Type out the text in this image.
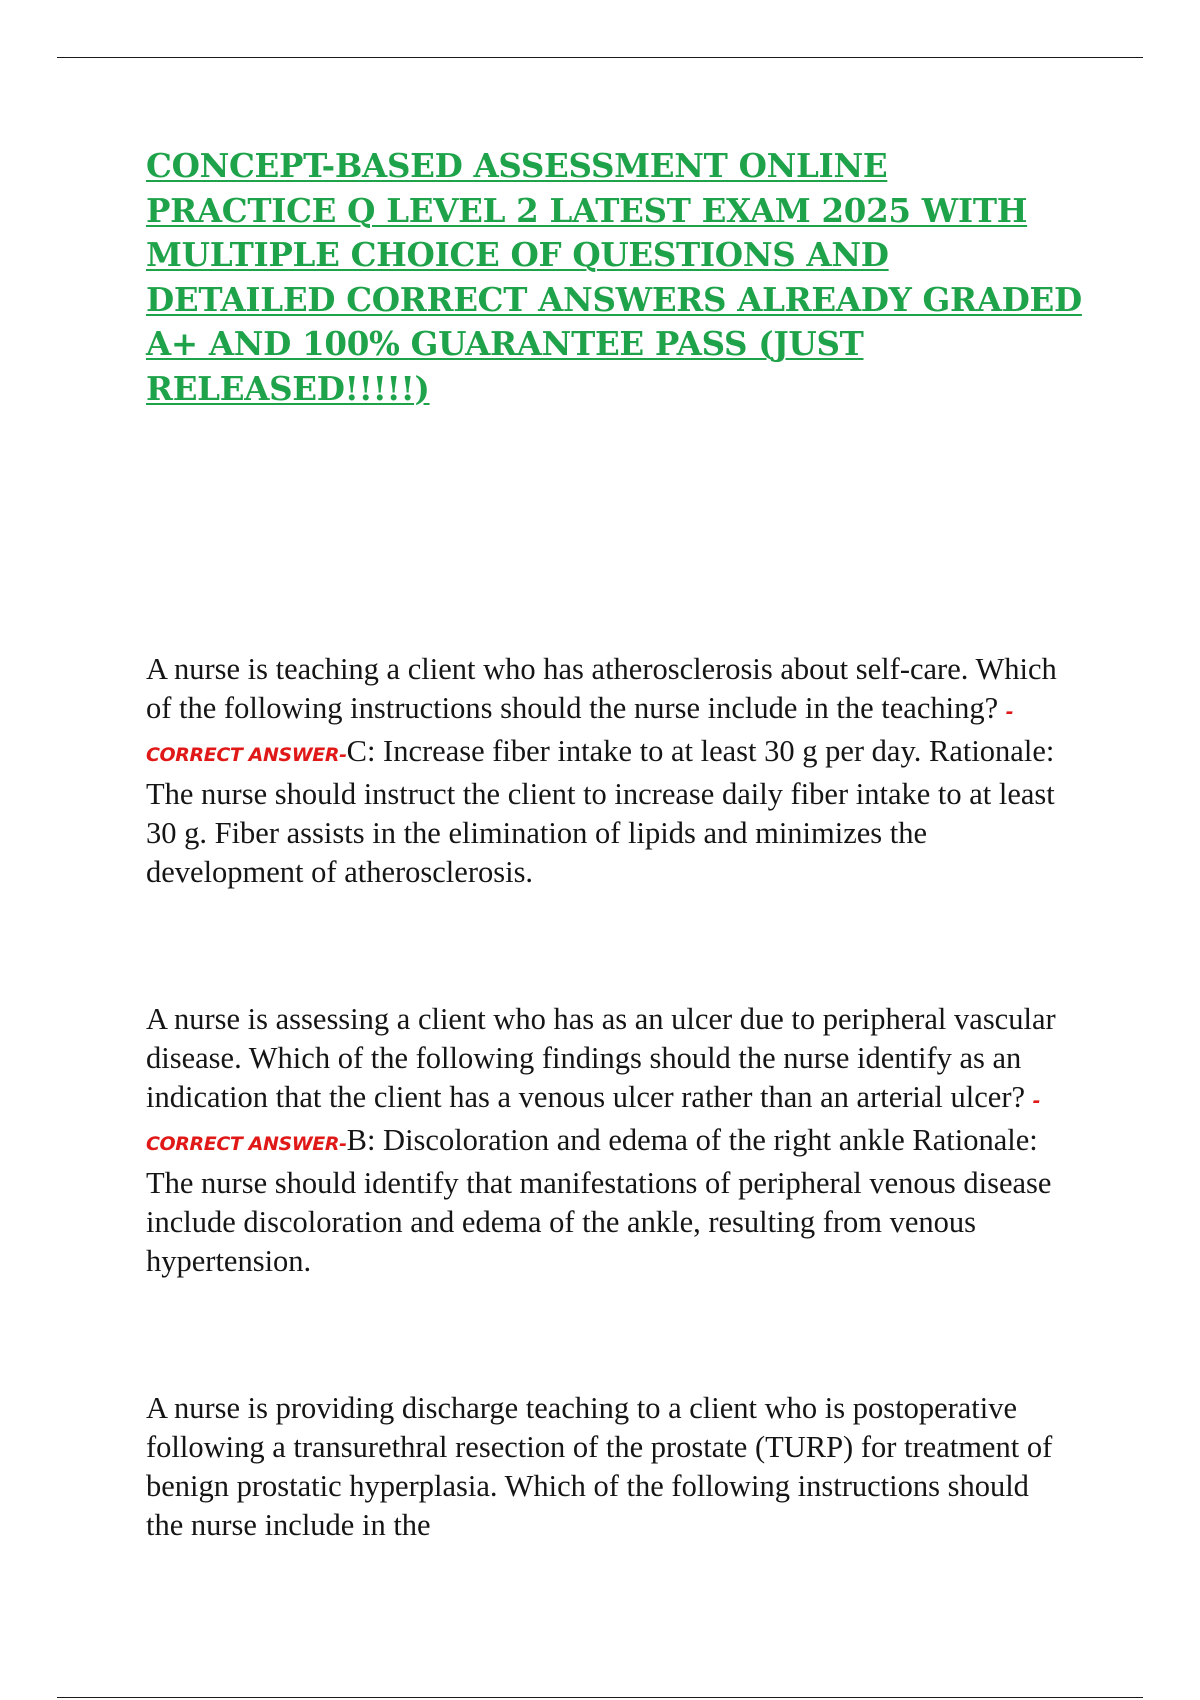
CONCEPT-BASED ASSESSMENT ONLINE PRACTICE Q LEVEL 2 LATEST EXAM 2025 WITH MULTIPLE CHOICE OF QUESTIONS AND DETAILED CORRECT ANSWERS ALREADY GRADED A+ AND 100% GUARANTEE PASS (JUST RELEASED!!!!!)

A nurse is teaching a client who has atherosclerosis about self-care. Which of the following instructions should the nurse include in the teaching? - CORRECT ANSWER-C: Increase fiber intake to at least 30 g per day. Rationale: The nurse should instruct the client to increase daily fiber intake to at least 30 g. Fiber assists in the elimination of lipids and minimizes the development of atherosclerosis.

A nurse is assessing a client who has as an ulcer due to peripheral vascular disease. Which of the following findings should the nurse identify as an indication that the client has a venous ulcer rather than an arterial ulcer? - CORRECT ANSWER-B: Discoloration and edema of the right ankle Rationale: The nurse should identify that manifestations of peripheral venous disease include discoloration and edema of the ankle, resulting from venous hypertension.

A nurse is providing discharge teaching to a client who is postoperative following a transurethral resection of the prostate (TURP) for treatment of benign prostatic hyperplasia. Which of the following instructions should the nurse include in the
